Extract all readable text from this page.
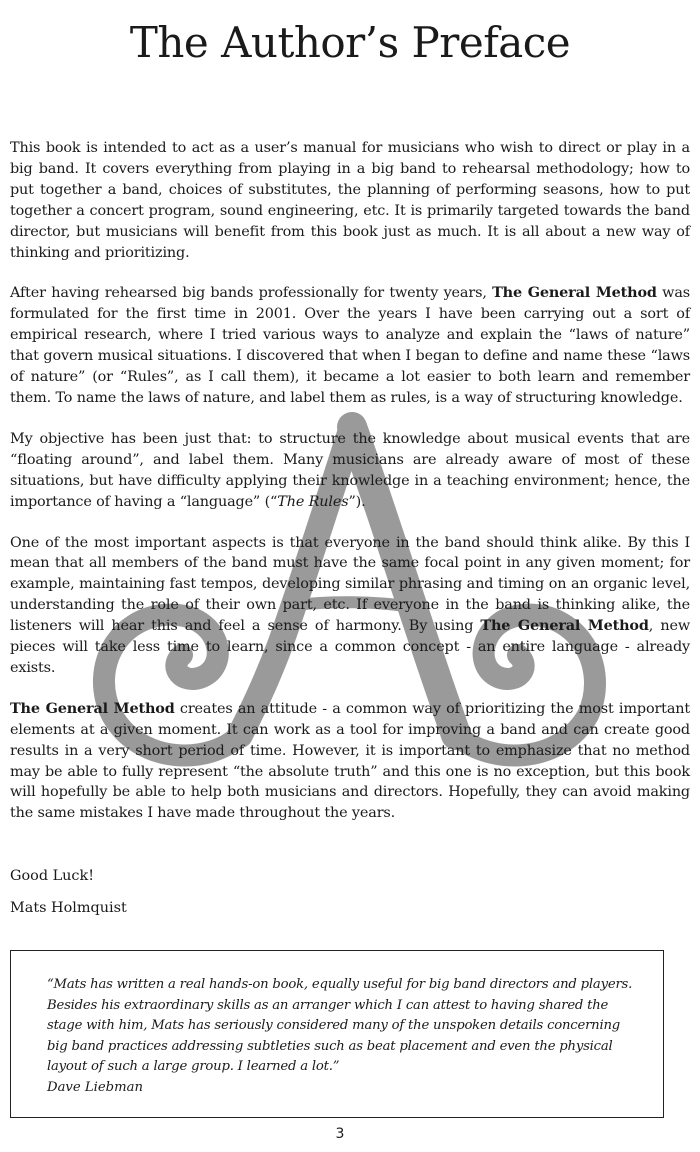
The Author’s Preface

This book is intended to act as a user’s manual for musicians who wish to direct or play in a big band. It covers everything from playing in a big band to rehearsal methodology; how to put together a band, choices of substitutes, the planning of performing seasons, how to put together a concert program, sound engineering, etc. It is primarily targeted towards the band director, but musicians will benefit from this book just as much. It is all about a new way of thinking and prioritizing.

After having rehearsed big bands professionally for twenty years, The General Method was formulated for the first time in 2001. Over the years I have been carrying out a sort of empirical research, where I tried various ways to analyze and explain the “laws of nature” that govern musical situations. I discovered that when I began to define and name these “laws of nature” (or “Rules”, as I call them), it became a lot easier to both learn and remember them. To name the laws of nature, and label them as rules, is a way of structuring knowledge.

My objective has been just that: to structure the knowledge about musical events that are “floating around”, and label them. Many musicians are already aware of most of these situations, but have difficulty applying their knowledge in a teaching environment; hence, the importance of having a “language” (“The Rules”).

One of the most important aspects is that everyone in the band should think alike. By this I mean that all members of the band must have the same focal point in any given moment; for example, maintaining fast tempos, developing similar phrasing and timing on an organic level, understanding the role of their own part, etc. If everyone in the band is thinking alike, the listeners will hear this and feel a sense of harmony. By using The General Method, new pieces will take less time to learn, since a common concept - an entire language - already exists.

The General Method creates an attitude - a common way of prioritizing the most important elements at a given moment. It can work as a tool for improving a band and can create good results in a very short period of time. However, it is important to emphasize that no method may be able to fully represent “the absolute truth” and this one is no exception, but this book will hopefully be able to help both musicians and directors. Hopefully, they can avoid making the same mistakes I have made throughout the years.

Good Luck!

Mats Holmquist

“Mats has written a real hands-on book, equally useful for big band directors and players. Besides his extraordinary skills as an arranger which I can attest to having shared the stage with him, Mats has seriously considered many of the unspoken details concerning big band practices addressing subtleties such as beat placement and even the physical layout of such a large group. I learned a lot.”

Dave Liebman

3
